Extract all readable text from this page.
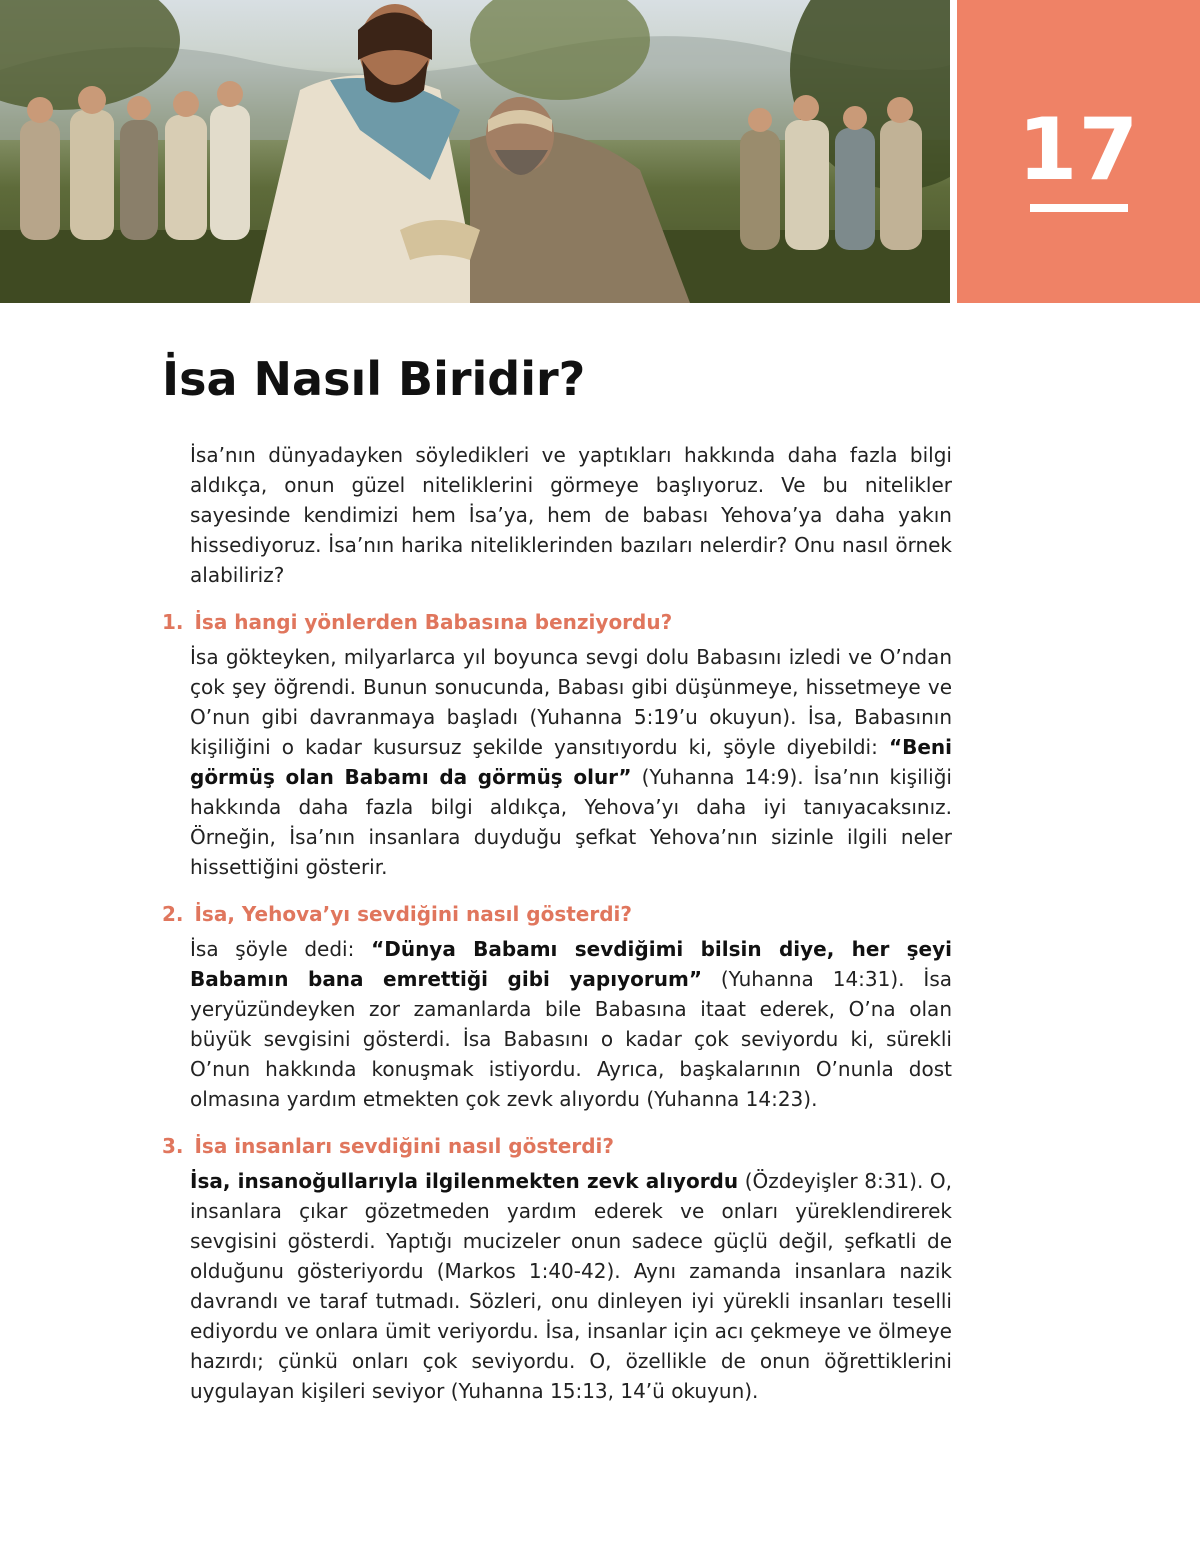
17
İsa Nasıl Biridir?

İsa’nın dünyadayken söyledikleri ve yaptıkları hakkında daha fazla bilgi aldıkça, onun güzel niteliklerini görmeye başlıyoruz. Ve bu nitelikler sayesinde kendimizi hem İsa’ya, hem de babası Yehova’ya daha yakın hissediyoruz. İsa’nın harika niteliklerinden bazıları nelerdir? Onu nasıl örnek alabiliriz?

1. İsa hangi yönlerden Babasına benziyordu?

İsa gökteyken, milyarlarca yıl boyunca sevgi dolu Babasını izledi ve O’ndan çok şey öğrendi. Bunun sonucunda, Babası gibi düşünmeye, hissetmeye ve O’nun gibi davranmaya başladı (Yuhanna 5:19’u okuyun). İsa, Babasının kişiliğini o kadar kusursuz şekilde yansıtıyordu ki, şöyle diyebildi: “Beni görmüş olan Babamı da görmüş olur” (Yuhanna 14:9). İsa’nın kişiliği hakkında daha fazla bilgi aldıkça, Yehova’yı daha iyi tanıyacaksınız. Örneğin, İsa’nın insanlara duyduğu şefkat Yehova’nın sizinle ilgili neler hissettiğini gösterir.

2. İsa, Yehova’yı sevdiğini nasıl gösterdi?

İsa şöyle dedi: “Dünya Babamı sevdiğimi bilsin diye, her şeyi Babamın bana emrettiği gibi yapıyorum” (Yuhanna 14:31). İsa yeryüzündeyken zor zamanlarda bile Babasına itaat ederek, O’na olan büyük sevgisini gösterdi. İsa Babasını o kadar çok seviyordu ki, sürekli O’nun hakkında konuşmak istiyordu. Ayrıca, başkalarının O’nunla dost olmasına yardım etmekten çok zevk alıyordu (Yuhanna 14:23).

3. İsa insanları sevdiğini nasıl gösterdi?

İsa, insanoğullarıyla ilgilenmekten zevk alıyordu (Özdeyişler 8:31). O, insanlara çıkar gözetmeden yardım ederek ve onları yüreklendirerek sevgisini gösterdi. Yaptığı mucizeler onun sadece güçlü değil, şefkatli de olduğunu gösteriyordu (Markos 1:40-42). Aynı zamanda insanlara nazik davrandı ve taraf tutmadı. Sözleri, onu dinleyen iyi yürekli insanları teselli ediyordu ve onlara ümit veriyordu. İsa, insanlar için acı çekmeye ve ölmeye hazırdı; çünkü onları çok seviyordu. O, özellikle de onun öğrettiklerini uygulayan kişileri seviyor (Yuhanna 15:13, 14’ü okuyun).
